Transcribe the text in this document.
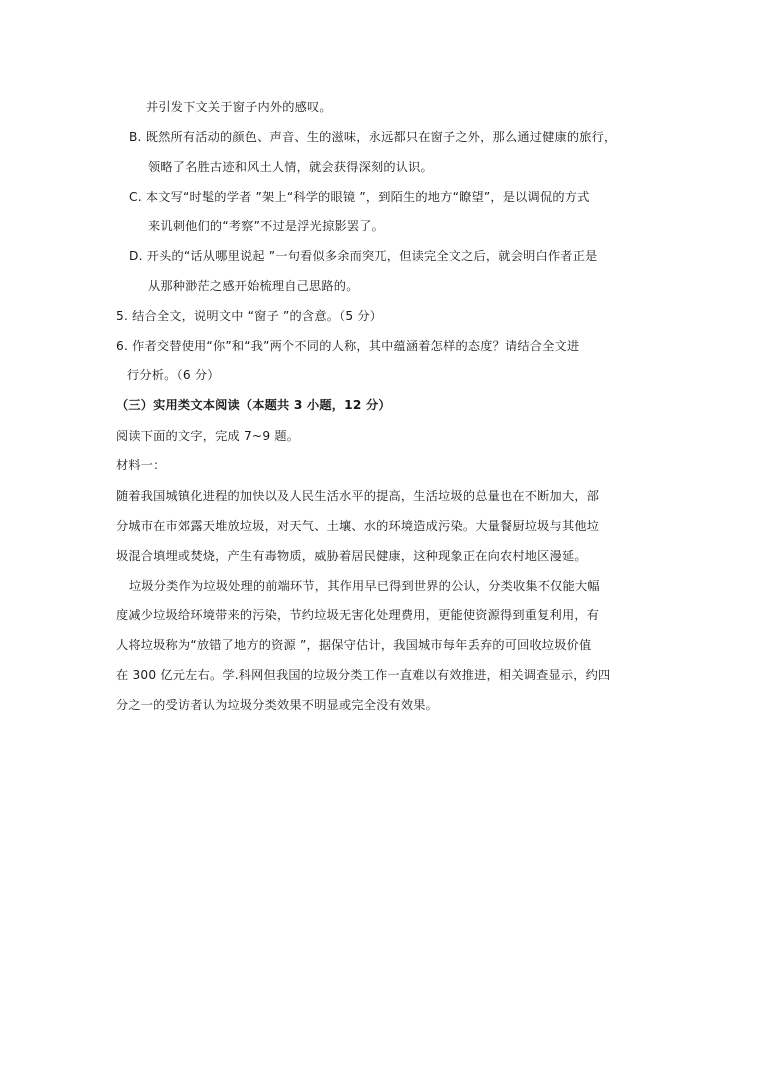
并引发下文关于窗子内外的感叹。
B. 既然所有活动的颜色、声音、生的滋味，永远都只在窗子之外，那么通过健康的旅行，
领略了名胜古迹和风土人情，就会获得深刻的认识。
C. 本文写“时髦的学者 ”架上“科学的眼镜 ”，到陌生的地方“瞭望”，是以调侃的方式
来讥刺他们的“考察”不过是浮光掠影罢了。
D. 开头的“话从哪里说起 ”一句看似多余而突兀，但读完全文之后，就会明白作者正是
从那种渺茫之感开始梳理自己思路的。
5. 结合全文，说明文中 “窗子 ”的含意。（5 分）
6. 作者交替使用“你”和“我”两个不同的人称，其中蕴涵着怎样的态度？请结合全文进
行分析。（6 分）
（三）实用类文本阅读（本题共 3 小题，12 分）
阅读下面的文字，完成 7~9 题。
材料一：
随着我国城镇化进程的加快以及人民生活水平的提高，生活垃圾的总量也在不断加大，部
分城市在市郊露天堆放垃圾，对天气、土壤、水的环境造成污染。大量餐厨垃圾与其他垃
圾混合填埋或焚烧，产生有毒物质，威胁着居民健康，这种现象正在向农村地区漫延。
垃圾分类作为垃圾处理的前端环节，其作用早已得到世界的公认，分类收集不仅能大幅
度减少垃圾给环境带来的污染，节约垃圾无害化处理费用，更能使资源得到重复利用，有
人将垃圾称为“放错了地方的资源 ”，据保守估计，我国城市每年丢弃的可回收垃圾价值
在 300 亿元左右。学.科网但我国的垃圾分类工作一直难以有效推进，相关调查显示，约四
分之一的受访者认为垃圾分类效果不明显或完全没有效果。
